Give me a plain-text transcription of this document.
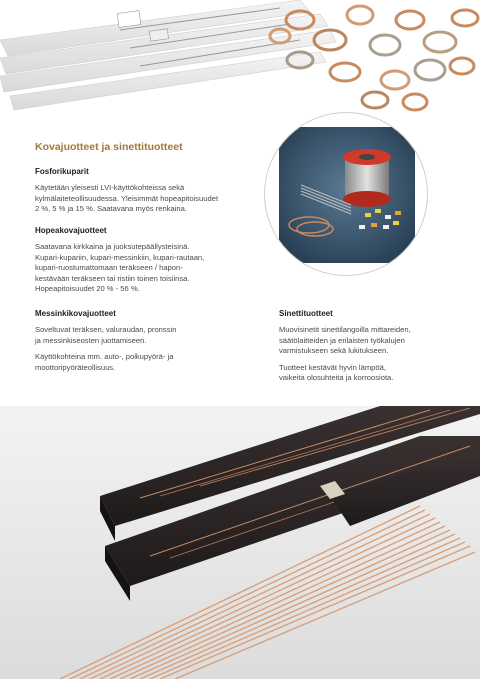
Kovajuotteet ja sinettituotteet
Fosforikuparit

Käytetään yleisesti LVI-käyttökohteissa sekä
kylmälaiteteollisuudessa. Yleisimmät hopeapitoisuudet
2 %, 5 % ja 15 %. Saatavana myös renkaina.

Hopeakovajuotteet

Saatavana kirkkaina ja juoksutepäällysteisinä.
Kupari-kupariin, kupari-messinkiin, kupari-rautaan,
kupari-ruostumattomaan teräkseen / hapon-
kestävään teräkseen tai ristiin toinen toisiinsa.
Hopeapitoisuudet 20 % - 56 %.

Messinkikovajuotteet

Soveltuvat teräksen, valuraudan, pronssin
ja messinkiseosten juottamiseen.

Käyttökohteina mm. auto-, polkupyörä- ja
moottoripyöräteollisuus.

Sinettituotteet

Muovisinetit sinettilangoilla mittareiden,
säätölaitteiden ja erilaisten työkalujen
varmistukseen sekä lukitukseen.

Tuotteet kestävät hyvin lämpöä,
vaikeita olosuhteita ja korroosiota.
